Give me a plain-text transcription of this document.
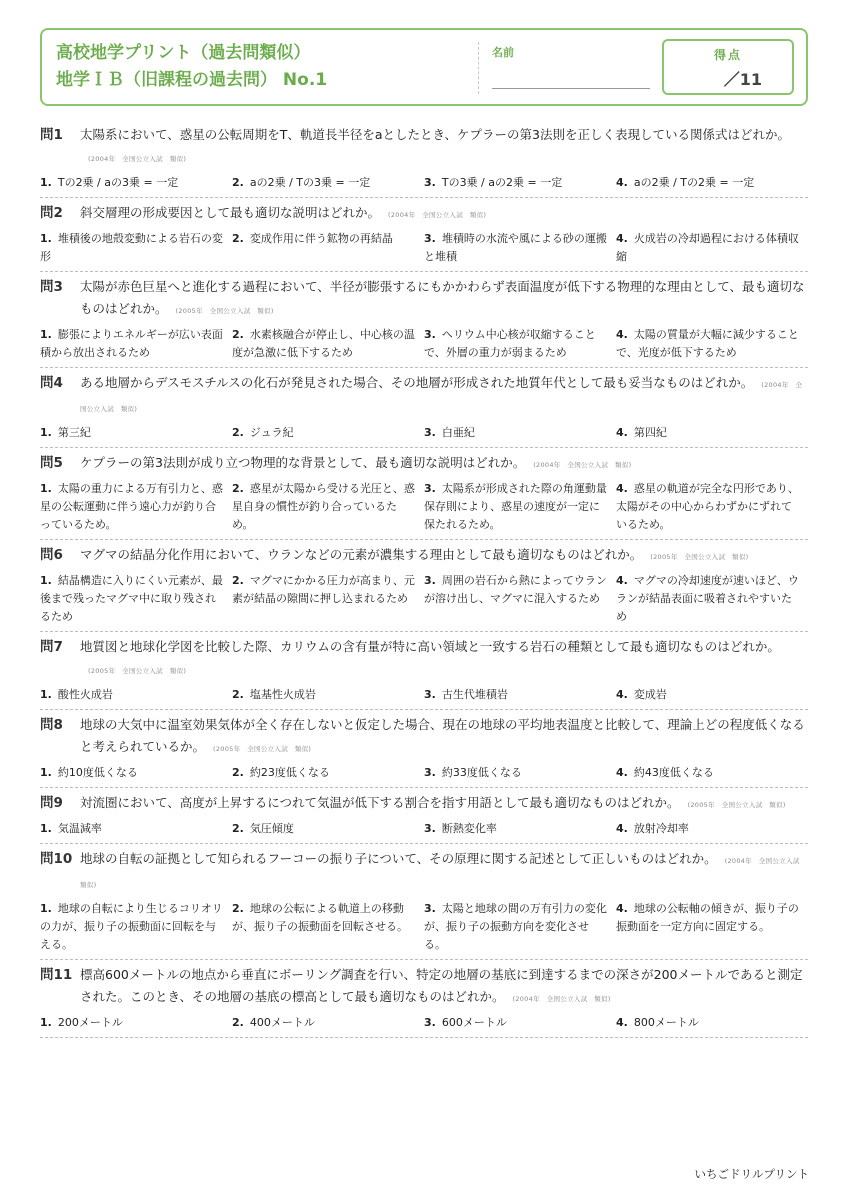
高校地学プリント（過去問類似）
地学ＩＢ（旧課程の過去問） No.1
名前	得点
／11
問1	太陽系において、惑星の公転周期をT、軌道長半径をaとしたとき、ケプラーの第3法則を正しく表現している関係式はどれか。(2004年　全国公立入試　類似)
1. Tの2乗 / aの3乗 = 一定	2. aの2乗 / Tの3乗 = 一定	3. Tの3乗 / aの2乗 = 一定	4. aの2乗 / Tの2乗 = 一定
問2	斜交層理の形成要因として最も適切な説明はどれか。 (2004年　全国公立入試　類似)
1. 堆積後の地殻変動による岩石の変形
2. 変成作用に伴う鉱物の再結晶	3. 堆積時の水流や風による砂の運搬と堆積
4. 火成岩の冷却過程における体積収縮
問3	太陽が赤色巨星へと進化する過程において、半径が膨張するにもかかわらず表面温度が低下する物理的な理由として、最も適切なものはどれか。 (2005年　全国公立入試　類似)
1. 膨張によりエネルギーが広い表面積から放出されるため
2. 水素核融合が停止し、中心核の温度が急激に低下するため
3. ヘリウム中心核が収縮することで、外層の重力が弱まるため
4. 太陽の質量が大幅に減少することで、光度が低下するため
問4	ある地層からデスモスチルスの化石が発見された場合、その地層が形成された地質年代として最も妥当なものはどれか。 (2004年　全国公立入試　類似)
1. 第三紀	2. ジュラ紀	3. 白亜紀	4. 第四紀
問5	ケプラーの第3法則が成り立つ物理的な背景として、最も適切な説明はどれか。 (2004年　全国公立入試　類似)
1. 太陽の重力による万有引力と、惑星の公転運動に伴う遠心力が釣り合っているため。
2. 惑星が太陽から受ける光圧と、惑星自身の慣性が釣り合っているため。
3. 太陽系が形成された際の角運動量保存則により、惑星の速度が一定に保たれるため。
4. 惑星の軌道が完全な円形であり、太陽がその中心からわずかにずれているため。
問6	マグマの結晶分化作用において、ウランなどの元素が濃集する理由として最も適切なものはどれか。 (2005年　全国公立入試　類似)
1. 結晶構造に入りにくい元素が、最後まで残ったマグマ中に取り残されるため
2. マグマにかかる圧力が高まり、元素が結晶の隙間に押し込まれるため
3. 周囲の岩石から熱によってウランが溶け出し、マグマに混入するため
4. マグマの冷却速度が速いほど、ウランが結晶表面に吸着されやすいため
問7	地質図と地球化学図を比較した際、カリウムの含有量が特に高い領域と一致する岩石の種類として最も適切なものはどれか。(2005年　全国公立入試　類似)
1. 酸性火成岩	2. 塩基性火成岩	3. 古生代堆積岩	4. 変成岩
問8	地球の大気中に温室効果気体が全く存在しないと仮定した場合、現在の地球の平均地表温度と比較して、理論上どの程度低くなると考えられているか。 (2005年　全国公立入試　類似)
1. 約10度低くなる	2. 約23度低くなる	3. 約33度低くなる	4. 約43度低くなる
問9	対流圏において、高度が上昇するにつれて気温が低下する割合を指す用語として最も適切なものはどれか。 (2005年　全国公立入試　類似)
1. 気温減率	2. 気圧傾度	3. 断熱変化率	4. 放射冷却率
問10 地球の自転の証拠として知られるフーコーの振り子について、その原理に関する記述として正しいものはどれか。 (2004年　全国公立入試　類似)
1. 地球の自転により生じるコリオリの力が、振り子の振動面に回転を与える。
2. 地球の公転による軌道上の移動が、振り子の振動面を回転させる。
3. 太陽と地球の間の万有引力の変化が、振り子の振動方向を変化させる。
4. 地球の公転軸の傾きが、振り子の振動面を一定方向に固定する。
問11 標高600メートルの地点から垂直にボーリング調査を行い、特定の地層の基底に到達するまでの深さが200メートルであると測定された。このとき、その地層の基底の標高として最も適切なものはどれか。 (2004年　全国公立入試　類似)
1. 200メートル	2. 400メートル	3. 600メートル	4. 800メートル
いちごドリルプリント
